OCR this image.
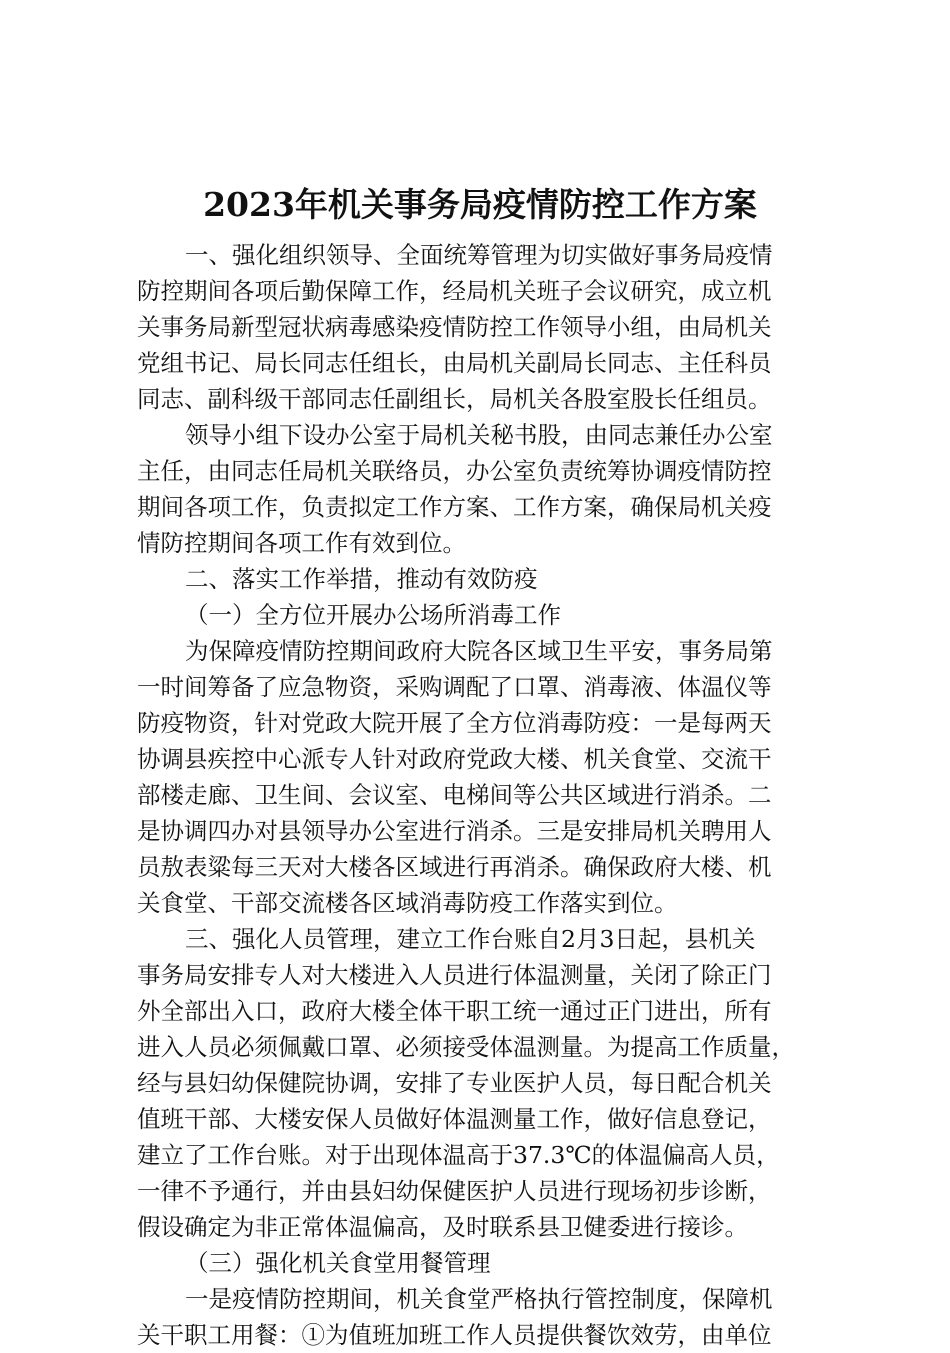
2023年机关事务局疫情防控工作方案
一、强化组织领导、全面统筹管理为切实做好事务局疫情
防控期间各项后勤保障工作，经局机关班子会议研究，成立机
关事务局新型冠状病毒感染疫情防控工作领导小组，由局机关
党组书记、局长同志任组长，由局机关副局长同志、主任科员
同志、副科级干部同志任副组长，局机关各股室股长任组员。
领导小组下设办公室于局机关秘书股，由同志兼任办公室
主任，由同志任局机关联络员，办公室负责统筹协调疫情防控
期间各项工作，负责拟定工作方案、工作方案，确保局机关疫
情防控期间各项工作有效到位。
二、落实工作举措，推动有效防疫
（一）全方位开展办公场所消毒工作
为保障疫情防控期间政府大院各区域卫生平安，事务局第
一时间筹备了应急物资，采购调配了口罩、消毒液、体温仪等
防疫物资，针对党政大院开展了全方位消毒防疫：一是每两天
协调县疾控中心派专人针对政府党政大楼、机关食堂、交流干
部楼走廊、卫生间、会议室、电梯间等公共区域进行消杀。二
是协调四办对县领导办公室进行消杀。三是安排局机关聘用人
员敖表粱每三天对大楼各区域进行再消杀。确保政府大楼、机
关食堂、干部交流楼各区域消毒防疫工作落实到位。
三、强化人员管理，建立工作台账自2月3日起，县机关
事务局安排专人对大楼进入人员进行体温测量，关闭了除正门
外全部出入口，政府大楼全体干职工统一通过正门进出，所有
进入人员必须佩戴口罩、必须接受体温测量。为提高工作质量，
经与县妇幼保健院协调，安排了专业医护人员，每日配合机关
值班干部、大楼安保人员做好体温测量工作，做好信息登记，
建立了工作台账。对于出现体温高于37.3℃的体温偏高人员，
一律不予通行，并由县妇幼保健医护人员进行现场初步诊断，
假设确定为非正常体温偏高，及时联系县卫健委进行接诊。
（三）强化机关食堂用餐管理
一是疫情防控期间，机关食堂严格执行管控制度，保障机
关干职工用餐：①为值班加班工作人员提供餐饮效劳，由单位
